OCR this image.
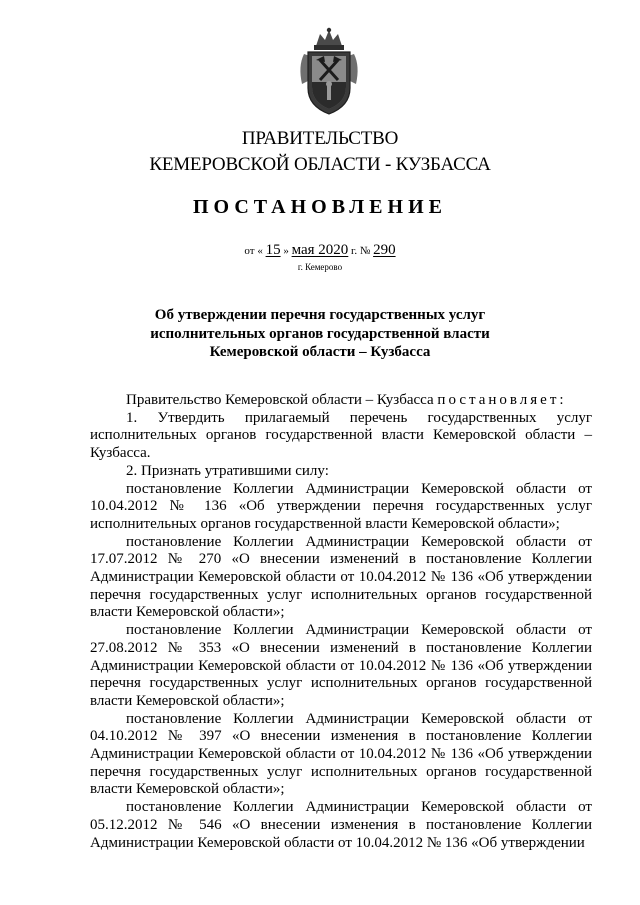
ПРАВИТЕЛЬСТВО
КЕМЕРОВСКОЙ ОБЛАСТИ - КУЗБАССА
ПОСТАНОВЛЕНИЕ
от « 15 » мая 2020 г. № 290
г. Кемерово
Об утверждении перечня государственных услуг
исполнительных органов государственной власти
Кемеровской области – Кузбасса

Правительство Кемеровской области – Кузбасса постановляет:

1. Утвердить прилагаемый перечень государственных услуг исполнительных органов государственной власти Кемеровской области – Кузбасса.

2. Признать утратившими силу:

постановление Коллегии Администрации Кемеровской области от 10.04.2012 № 136 «Об утверждении перечня государственных услуг исполнительных органов государственной власти Кемеровской области»;

постановление Коллегии Администрации Кемеровской области от 17.07.2012 № 270 «О внесении изменений в постановление Коллегии Администрации Кемеровской области от 10.04.2012 № 136 «Об утверждении перечня государственных услуг исполнительных органов государственной власти Кемеровской области»;

постановление Коллегии Администрации Кемеровской области от 27.08.2012 № 353 «О внесении изменений в постановление Коллегии Администрации Кемеровской области от 10.04.2012 № 136 «Об утверждении перечня государственных услуг исполнительных органов государственной власти Кемеровской области»;

постановление Коллегии Администрации Кемеровской области от 04.10.2012 № 397 «О внесении изменения в постановление Коллегии Администрации Кемеровской области от 10.04.2012 № 136 «Об утверждении перечня государственных услуг исполнительных органов государственной власти Кемеровской области»;

постановление Коллегии Администрации Кемеровской области от 05.12.2012 № 546 «О внесении изменения в постановление Коллегии Администрации Кемеровской области от 10.04.2012 № 136 «Об утверждении
